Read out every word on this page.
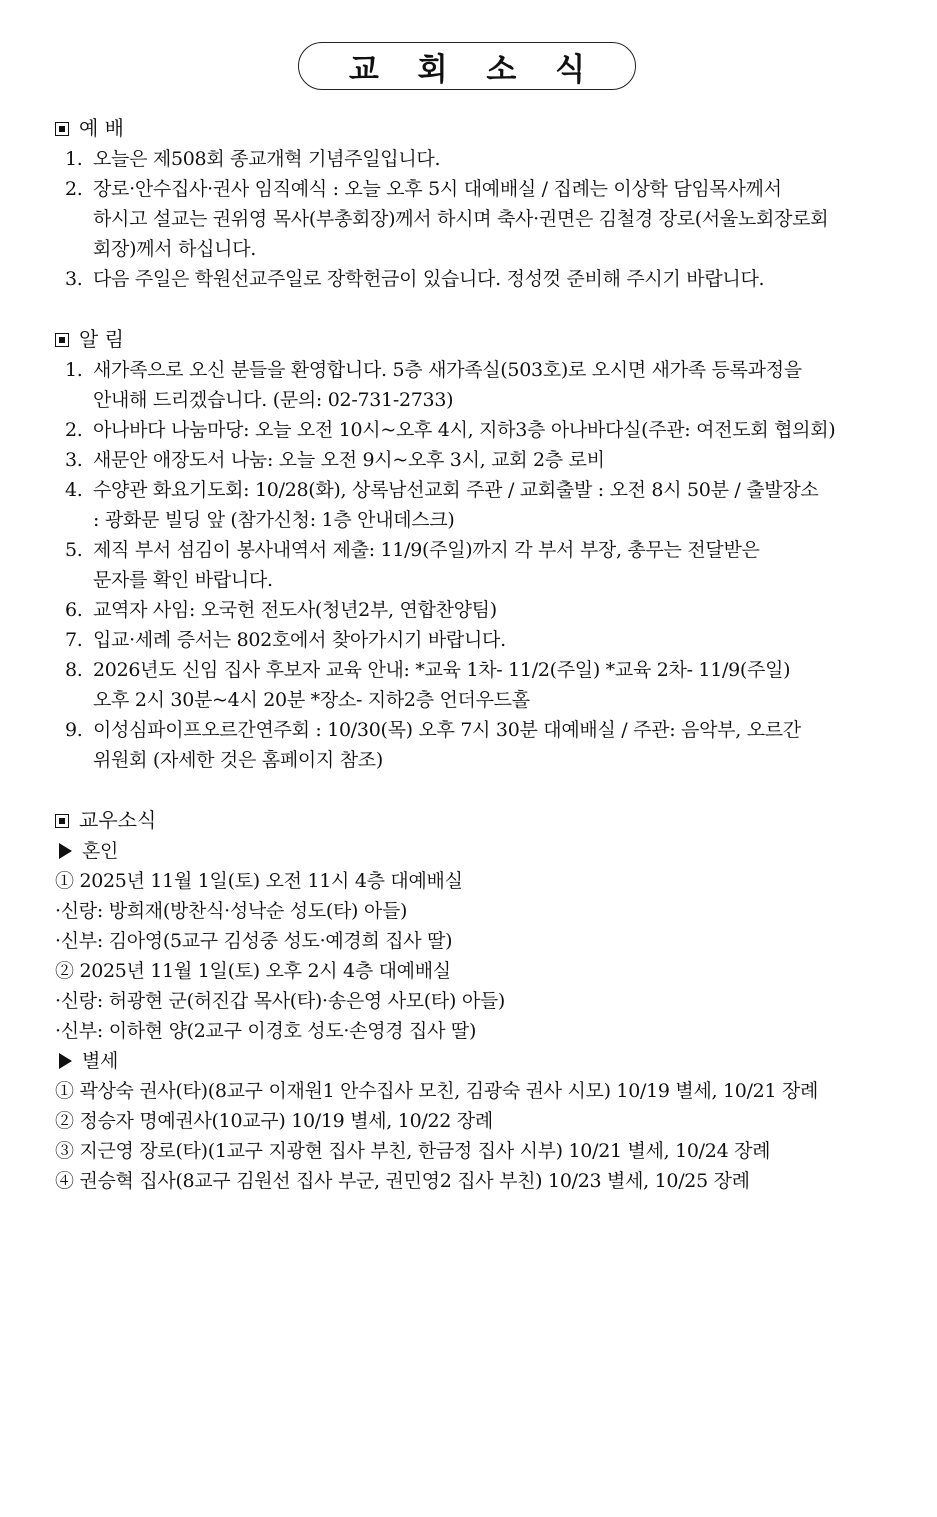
교 회 소 식
예 배
1. 오늘은 제508회 종교개혁 기념주일입니다.
2. 장로·안수집사·권사 임직예식 : 오늘 오후 5시 대예배실 / 집례는 이상학 담임목사께서
하시고 설교는 권위영 목사(부총회장)께서 하시며 축사·권면은 김철경 장로(서울노회장로회
회장)께서 하십니다.
3. 다음 주일은 학원선교주일로 장학헌금이 있습니다. 정성껏 준비해 주시기 바랍니다.
알 림
1. 새가족으로 오신 분들을 환영합니다. 5층 새가족실(503호)로 오시면 새가족 등록과정을
안내해 드리겠습니다. (문의: 02-731-2733)
2. 아나바다 나눔마당: 오늘 오전 10시~오후 4시, 지하3층 아나바다실(주관: 여전도회 협의회)
3. 새문안 애장도서 나눔: 오늘 오전 9시~오후 3시, 교회 2층 로비
4. 수양관 화요기도회: 10/28(화), 상록남선교회 주관 / 교회출발 : 오전 8시 50분 / 출발장소
: 광화문 빌딩 앞 (참가신청: 1층 안내데스크)
5. 제직 부서 섬김이 봉사내역서 제출: 11/9(주일)까지 각 부서 부장, 총무는 전달받은
문자를 확인 바랍니다.
6. 교역자 사임: 오국헌 전도사(청년2부, 연합찬양팀)
7. 입교·세례 증서는 802호에서 찾아가시기 바랍니다.
8. 2026년도 신임 집사 후보자 교육 안내: *교육 1차- 11/2(주일) *교육 2차- 11/9(주일)
오후 2시 30분~4시 20분 *장소- 지하2층 언더우드홀
9. 이성심파이프오르간연주회 : 10/30(목) 오후 7시 30분 대예배실 / 주관: 음악부, 오르간
위원회 (자세한 것은 홈페이지 참조)
교우소식
혼인
① 2025년 11월 1일(토) 오전 11시 4층 대예배실
·신랑: 방희재(방찬식·성낙순 성도(타) 아들)
·신부: 김아영(5교구 김성중 성도·예경희 집사 딸)
② 2025년 11월 1일(토) 오후 2시 4층 대예배실
·신랑: 허광현 군(허진갑 목사(타)·송은영 사모(타) 아들)
·신부: 이하현 양(2교구 이경호 성도·손영경 집사 딸)
별세
① 곽상숙 권사(타)(8교구 이재원1 안수집사 모친, 김광숙 권사 시모) 10/19 별세, 10/21 장례
② 정승자 명예권사(10교구) 10/19 별세, 10/22 장례
③ 지근영 장로(타)(1교구 지광현 집사 부친, 한금정 집사 시부) 10/21 별세, 10/24 장례
④ 권승혁 집사(8교구 김원선 집사 부군, 권민영2 집사 부친) 10/23 별세, 10/25 장례
